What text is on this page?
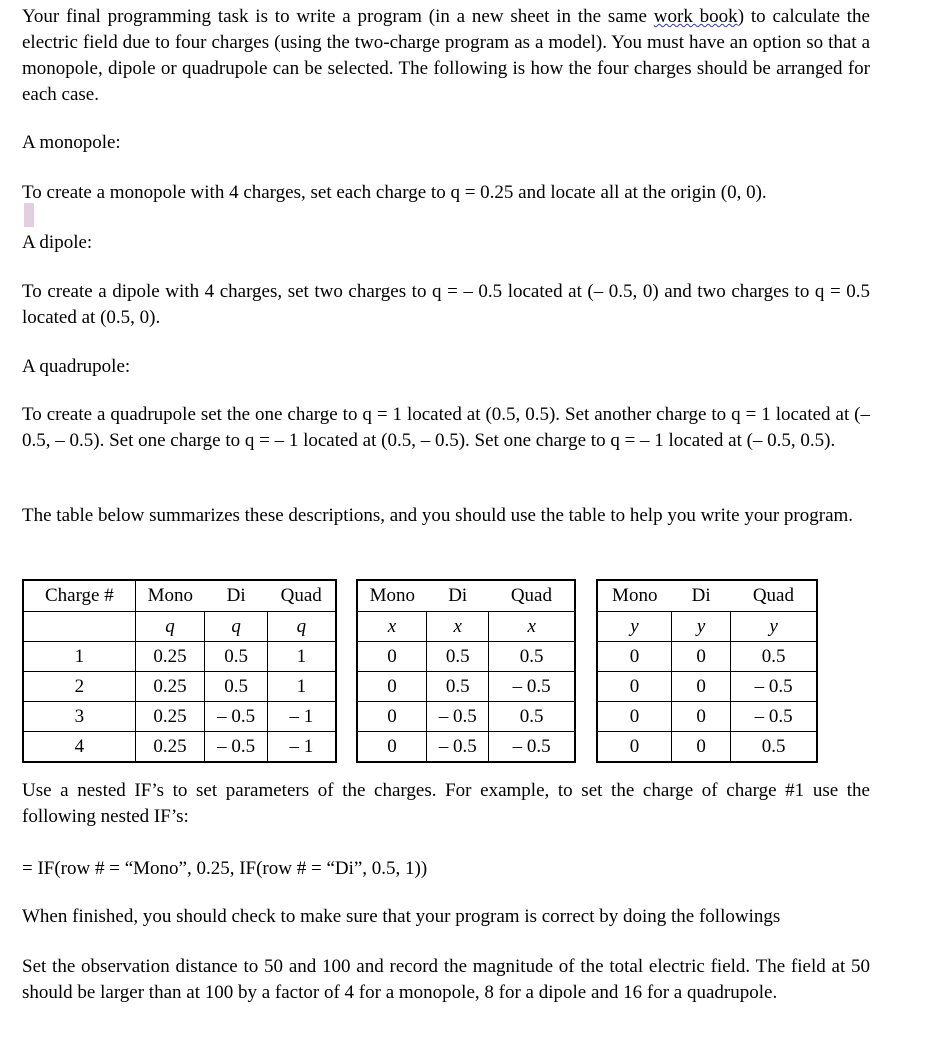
Your final programming task is to write a program (in a new sheet in the same work book) to calculate the electric field due to four charges (using the two-charge program as a model). You must have an option so that a monopole, dipole or quadrupole can be selected. The following is how the four charges should be arranged for each case.

A monopole:

To create a monopole with 4 charges, set each charge to q = 0.25 and locate all at the origin (0, 0).

A dipole:

To create a dipole with 4 charges, set two charges to q = – 0.5 located at (– 0.5, 0) and two charges to q = 0.5 located at (0.5, 0).

A quadrupole:

To create a quadrupole set the one charge to q = 1 located at (0.5, 0.5). Set another charge to q = 1 located at (– 0.5, – 0.5). Set one charge to q = – 1 located at (0.5, – 0.5). Set one charge to q = – 1 located at (– 0.5, 0.5).

The table below summarizes these descriptions, and you should use the table to help you write your program.

Charge #	Mono	Di	Quad
	q	q	q
1	0.25	0.5	1
2	0.25	0.5	1
3	0.25	– 0.5	– 1
4	0.25	– 0.5	– 1
Mono	Di	Quad
x	x	x
0	0.5	0.5
0	0.5	– 0.5
0	– 0.5	0.5
0	– 0.5	– 0.5
Mono	Di	Quad
y	y	y
0	0	0.5
0	0	– 0.5
0	0	– 0.5
0	0	0.5

Use a nested IF’s to set parameters of the charges. For example, to set the charge of charge #1 use the following nested IF’s:

= IF(row # = “Mono”, 0.25, IF(row # = “Di”, 0.5, 1))

When finished, you should check to make sure that your program is correct by doing the followings

Set the observation distance to 50 and 100 and record the magnitude of the total electric field. The field at 50 should be larger than at 100 by a factor of 4 for a monopole, 8 for a dipole and 16 for a quadrupole.
